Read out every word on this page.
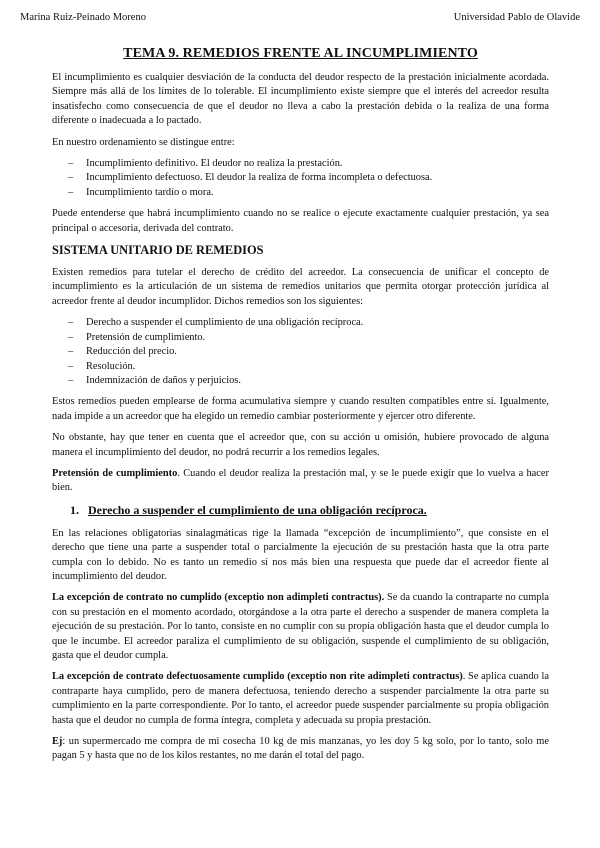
Marina Ruiz-Peinado Moreno	Universidad Pablo de Olavide
TEMA 9. REMEDIOS FRENTE AL INCUMPLIMIENTO

El incumplimiento es cualquier desviación de la conducta del deudor respecto de la prestación inicialmente acordada. Siempre más allá de los límites de lo tolerable. El incumplimiento existe siempre que el interés del acreedor resulta insatisfecho como consecuencia de que el deudor no lleva a cabo la prestación debida o la realiza de una forma diferente o inadecuada a lo pactado.

En nuestro ordenamiento se distingue entre:

– Incumplimiento definitivo. El deudor no realiza la prestación.
– Incumplimiento defectuoso. El deudor la realiza de forma incompleta o defectuosa.
– Incumplimiento tardío o mora.

Puede entenderse que habrá incumplimiento cuando no se realice o ejecute exactamente cualquier prestación, ya sea principal o accesoria, derivada del contrato.

SISTEMA UNITARIO DE REMEDIOS

Existen remedios para tutelar el derecho de crédito del acreedor. La consecuencia de unificar el concepto de incumplimiento es la articulación de un sistema de remedios unitarios que permita otorgar protección jurídica al acreedor frente al deudor incumplidor. Dichos remedios son los siguientes:

– Derecho a suspender el cumplimiento de una obligación recíproca.
– Pretensión de cumplimiento.
– Reducción del precio.
– Resolución.
– Indemnización de daños y perjuicios.

Estos remedios pueden emplearse de forma acumulativa siempre y cuando resulten compatibles entre sí. Igualmente, nada impide a un acreedor que ha elegido un remedio cambiar posteriormente y ejercer otro diferente.

No obstante, hay que tener en cuenta que el acreedor que, con su acción u omisión, hubiere provocado de alguna manera el incumplimiento del deudor, no podrá recurrir a los remedios legales.

Pretensión de cumplimiento. Cuando el deudor realiza la prestación mal, y se le puede exigir que lo vuelva a hacer bien.

1. Derecho a suspender el cumplimiento de una obligación recíproca.

En las relaciones obligatorias sinalagmáticas rige la llamada “excepción de incumplimiento”, que consiste en el derecho que tiene una parte a suspender total o parcialmente la ejecución de su prestación hasta que la otra parte cumpla con lo debido. No es tanto un remedio sí nos más bien una respuesta que puede dar el acreedor fiente al incumplimiento del deudor.

La excepción de contrato no cumplido (exceptio non adimpleti contractus). Se da cuando la contraparte no cumpla con su prestación en el momento acordado, otorgándose a la otra parte el derecho a suspender de manera completa la ejecución de su prestación. Por lo tanto, consiste en no cumplir con su propia obligación hasta que el deudor cumpla lo que le incumbe. El acreedor paraliza el cumplimiento de su obligación, suspende el cumplimiento de su obligación, gasta que el deudor cumpla.

La excepción de contrato defectuosamente cumplido (exceptio non rite adimpleti contractus). Se aplica cuando la contraparte haya cumplido, pero de manera defectuosa, teniendo derecho a suspender parcialmente la otra parte su cumplimiento en la parte correspondiente. Por lo tanto, el acreedor puede suspender parcialmente su propia obligación hasta que el deudor no cumpla de forma íntegra, completa y adecuada su propia prestación.

Ej: un supermercado me compra de mi cosecha 10 kg de mis manzanas, yo les doy 5 kg solo, por lo tanto, solo me pagan 5 y hasta que no de los kilos restantes, no me darán el total del pago.
